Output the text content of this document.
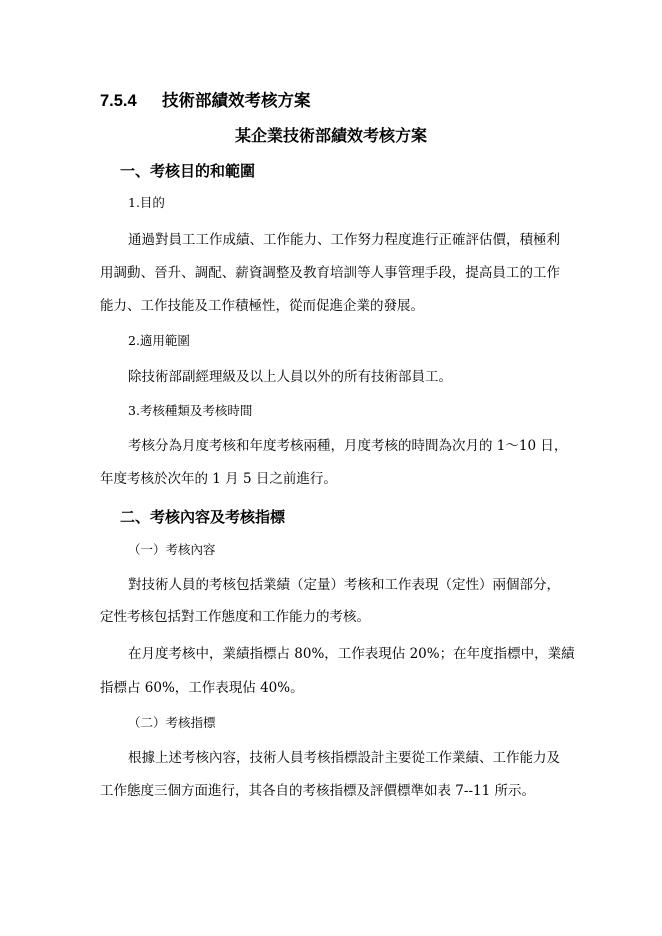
7.5.4 技術部績效考核方案
某企業技術部績效考核方案
一、考核目的和範圍
1.目的
通過對員工工作成績、工作能力、工作努力程度進行正確評估價，積極利
用調動、晉升、調配、薪資調整及教育培訓等人事管理手段，提高員工的工作
能力、工作技能及工作積極性，從而促進企業的發展。
2.適用範圍
除技術部副經理級及以上人員以外的所有技術部員工。
3.考核種類及考核時間
考核分為月度考核和年度考核兩種，月度考核的時間為次月的 1～10 日，
年度考核於次年的 1 月 5 日之前進行。
二、考核內容及考核指標
（一）考核內容
對技術人員的考核包括業績（定量）考核和工作表現（定性）兩個部分，
定性考核包括對工作態度和工作能力的考核。
在月度考核中，業績指標占 80%，工作表現佔 20%；在年度指標中，業績
指標占 60%，工作表現佔 40%。
（二）考核指標
根據上述考核內容，技術人員考核指標設計主要從工作業績、工作能力及
工作態度三個方面進行，其各自的考核指標及評價標準如表 7--11 所示。
